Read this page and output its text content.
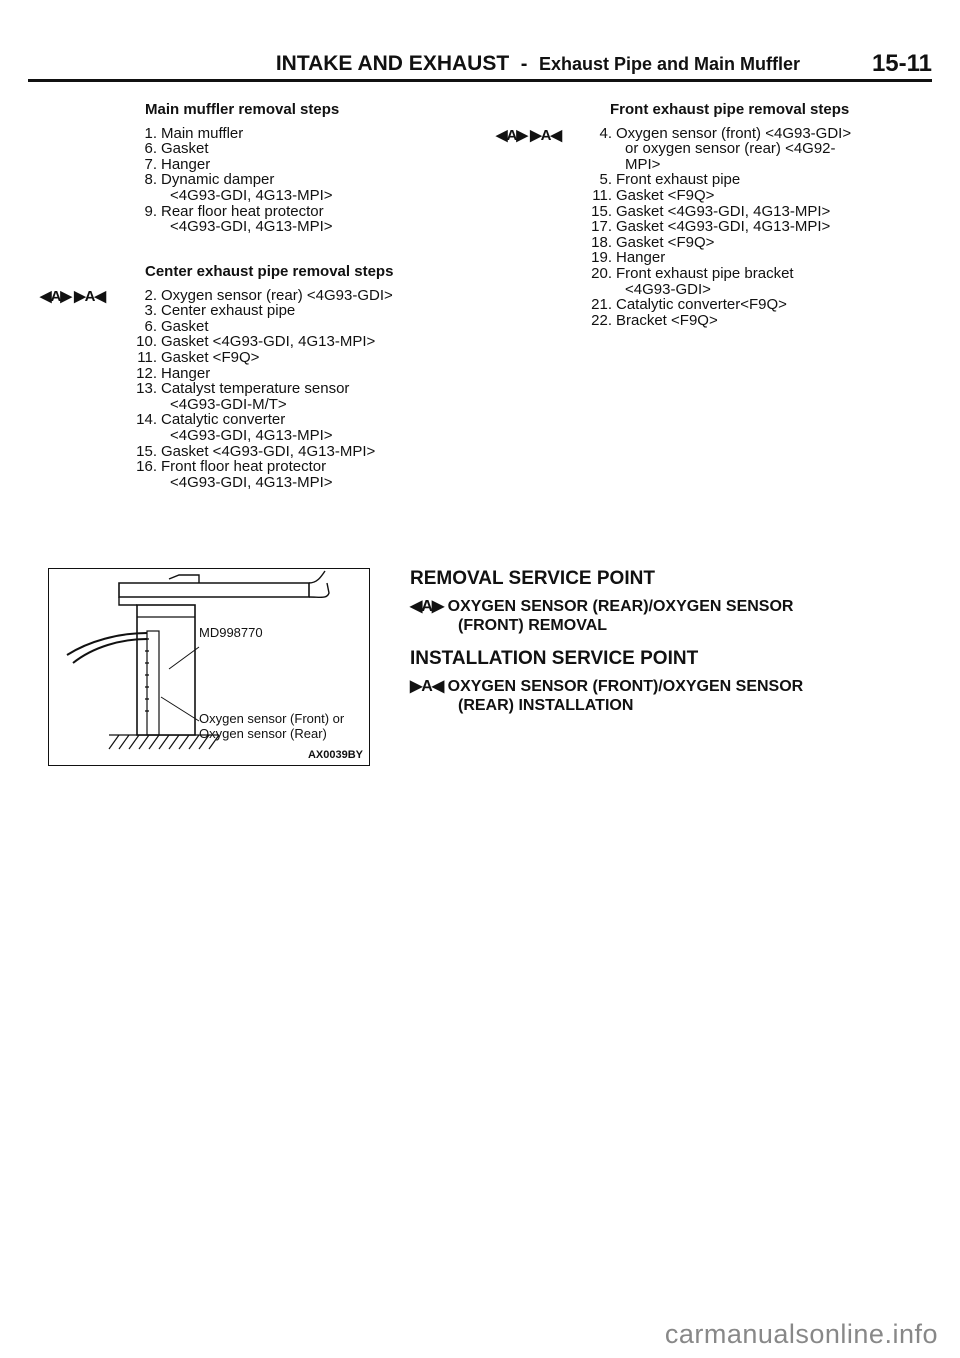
INTAKE AND EXHAUST - Exhaust Pipe and Main Muffler	15-11
Main muffler removal steps
1. Main muffler
6. Gasket
7. Hanger
8. Dynamic damper
<4G93-GDI, 4G13-MPI>
9. Rear floor heat protector
<4G93-GDI, 4G13-MPI>
Center exhaust pipe removal steps
2. Oxygen sensor (rear) <4G93-GDI>
3. Center exhaust pipe
6. Gasket
10. Gasket <4G93-GDI, 4G13-MPI>
11. Gasket <F9Q>
12. Hanger
13. Catalyst temperature sensor
<4G93-GDI-M/T>
14. Catalytic converter
<4G93-GDI, 4G13-MPI>
15. Gasket <4G93-GDI, 4G13-MPI>
16. Front floor heat protector
<4G93-GDI, 4G13-MPI>
◀A▶ ▶A◀
Front exhaust pipe removal steps
4. Oxygen sensor (front) <4G93-GDI>
or oxygen sensor (rear) <4G92-
MPI>
5. Front exhaust pipe
11. Gasket <F9Q>
15. Gasket <4G93-GDI, 4G13-MPI>
17. Gasket <4G93-GDI, 4G13-MPI>
18. Gasket <F9Q>
19. Hanger
20. Front exhaust pipe bracket
<4G93-GDI>
21. Catalytic converter<F9Q>
22. Bracket <F9Q>
◀A▶ ▶A◀
MD998770
Oxygen sensor (Front) or
Oxygen sensor (Rear)
AX0039BY
REMOVAL SERVICE POINT
◀A▶ OXYGEN SENSOR (REAR)/OXYGEN SENSOR
(FRONT) REMOVAL
INSTALLATION SERVICE POINT
▶A◀ OXYGEN SENSOR (FRONT)/OXYGEN SENSOR
(REAR) INSTALLATION
carmanualsonline.info
